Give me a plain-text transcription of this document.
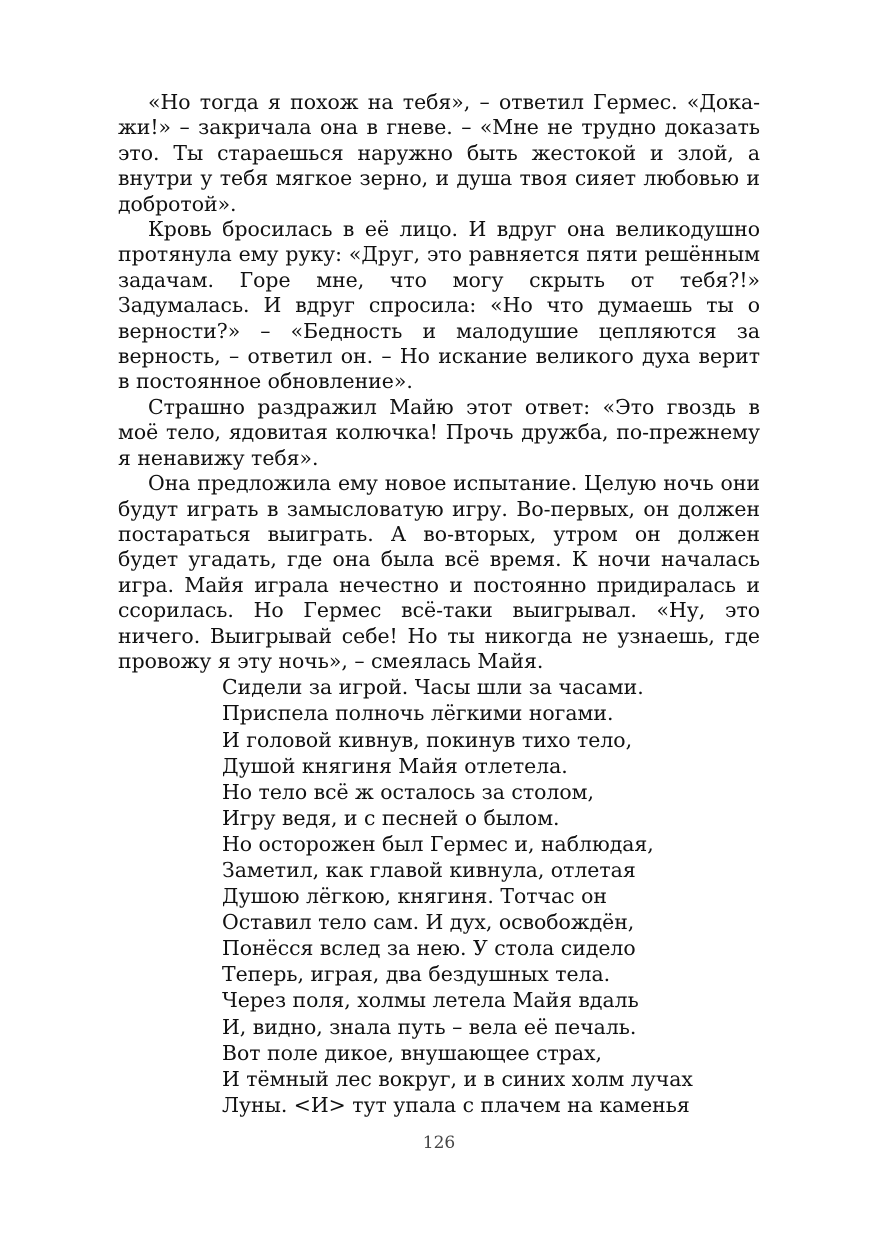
«Но тогда я похож на тебя», – ответил Гермес. «Докажи!» – закричала она в гневе. – «Мне не трудно доказать это. Ты стараешься наружно быть жестокой и злой, а внутри у тебя мягкое зерно, и душа твоя сияет любовью и добротой».

Кровь бросилась в её лицо. И вдруг она великодушно протянула ему руку: «Друг, это равняется пяти решённым задачам. Горе мне, что могу скрыть от тебя?!» Задумалась. И вдруг спросила: «Но что думаешь ты о верности?» – «Бедность и малодушие цепляются за верность, – ответил он. – Но искание великого духа верит в постоянное обновление».

Страшно раздражил Майю этот ответ: «Это гвоздь в моё тело, ядовитая колючка! Прочь дружба, по-прежнему я ненавижу тебя».

Она предложила ему новое испытание. Целую ночь они будут играть в замысловатую игру. Во-первых, он должен постараться выиграть. А во-вторых, утром он должен будет угадать, где она была всё время. К ночи началась игра. Майя играла нечестно и постоянно придиралась и ссорилась. Но Гермес всё-таки выигрывал. «Ну, это ничего. Выигрывай себе! Но ты никогда не узнаешь, где провожу я эту ночь», – смеялась Майя.

Сидели за игрой. Часы шли за часами.
Приспела полночь лёгкими ногами.
И головой кивнув, покинув тихо тело,
Душой княгиня Майя отлетела.
Но тело всё ж осталось за столом,
Игру ведя, и с песней о былом.
Но осторожен был Гермес и, наблюдая,
Заметил, как главой кивнула, отлетая
Душою лёгкою, княгиня. Тотчас он
Оставил тело сам. И дух, освобождён,
Понёсся вслед за нею. У стола сидело
Теперь, играя, два бездушных тела.
Через поля, холмы летела Майя вдаль
И, видно, знала путь – вела её печаль.
Вот поле дикое, внушающее страх,
И тёмный лес вокруг, и в синих холм лучах
Луны. <И> тут упала с плачем на каменья
126
